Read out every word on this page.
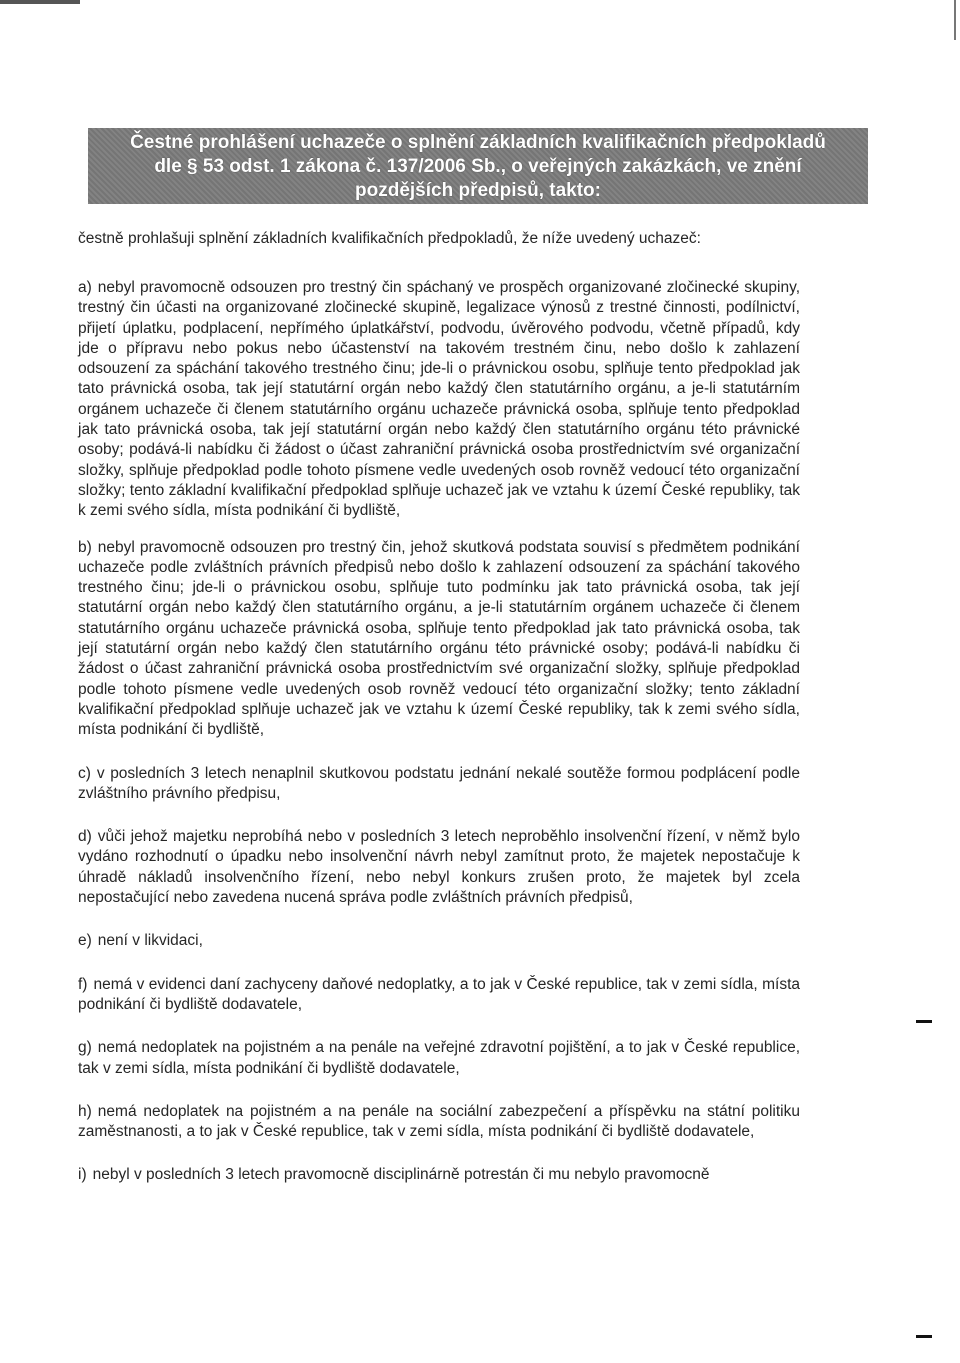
Čestné prohlášení uchazeče o splnění základních kvalifikačních předpokladů
dle § 53 odst. 1 zákona č. 137/2006 Sb., o veřejných zakázkách, ve znění
pozdějších předpisů, takto:
čestně prohlašuji splnění základních kvalifikačních předpokladů, že níže uvedený uchazeč:
a) nebyl pravomocně odsouzen pro trestný čin spáchaný ve prospěch organizované zločinecké skupiny, trestný čin účasti na organizované zločinecké skupině, legalizace výnosů z trestné činnosti, podílnictví, přijetí úplatku, podplacení, nepřímého úplatkářství, podvodu, úvěrového podvodu, včetně případů, kdy jde o přípravu nebo pokus nebo účastenství na takovém trestném činu, nebo došlo k zahlazení odsouzení za spáchání takového trestného činu; jde-li o právnickou osobu, splňuje tento předpoklad jak tato právnická osoba, tak její statutární orgán nebo každý člen statutárního orgánu, a je-li statutárním orgánem uchazeče či členem statutárního orgánu uchazeče právnická osoba, splňuje tento předpoklad jak tato právnická osoba, tak její statutární orgán nebo každý člen statutárního orgánu této právnické osoby; podává-li nabídku či žádost o účast zahraniční právnická osoba prostřednictvím své organizační složky, splňuje předpoklad podle tohoto písmene vedle uvedených osob rovněž vedoucí této organizační složky; tento základní kvalifikační předpoklad splňuje uchazeč jak ve vztahu k území České republiky, tak k zemi svého sídla, místa podnikání či bydliště,
b) nebyl pravomocně odsouzen pro trestný čin, jehož skutková podstata souvisí s předmětem podnikání uchazeče podle zvláštních právních předpisů nebo došlo k zahlazení odsouzení za spáchání takového trestného činu; jde-li o právnickou osobu, splňuje tuto podmínku jak tato právnická osoba, tak její statutární orgán nebo každý člen statutárního orgánu, a je-li statutárním orgánem uchazeče či členem statutárního orgánu uchazeče právnická osoba, splňuje tento předpoklad jak tato právnická osoba, tak její statutární orgán nebo každý člen statutárního orgánu této právnické osoby; podává-li nabídku či žádost o účast zahraniční právnická osoba prostřednictvím své organizační složky, splňuje předpoklad podle tohoto písmene vedle uvedených osob rovněž vedoucí této organizační složky; tento základní kvalifikační předpoklad splňuje uchazeč jak ve vztahu k území České republiky, tak k zemi svého sídla, místa podnikání či bydliště,
c) v posledních 3 letech nenaplnil skutkovou podstatu jednání nekalé soutěže formou podplácení podle zvláštního právního předpisu,
d) vůči jehož majetku neprobíhá nebo v posledních 3 letech neproběhlo insolvenční řízení, v němž bylo vydáno rozhodnutí o úpadku nebo insolvenční návrh nebyl zamítnut proto, že majetek nepostačuje k úhradě nákladů insolvenčního řízení, nebo nebyl konkurs zrušen proto, že majetek byl zcela nepostačující nebo zavedena nucená správa podle zvláštních právních předpisů,
e) není v likvidaci,
f) nemá v evidenci daní zachyceny daňové nedoplatky, a to jak v České republice, tak v zemi sídla, místa podnikání či bydliště dodavatele,
g) nemá nedoplatek na pojistném a na penále na veřejné zdravotní pojištění, a to jak v České republice, tak v zemi sídla, místa podnikání či bydliště dodavatele,
h) nemá nedoplatek na pojistném a na penále na sociální zabezpečení a příspěvku na státní politiku zaměstnanosti, a to jak v České republice, tak v zemi sídla, místa podnikání či bydliště dodavatele,
i) nebyl v posledních 3 letech pravomocně disciplinárně potrestán či mu nebylo pravomocně
